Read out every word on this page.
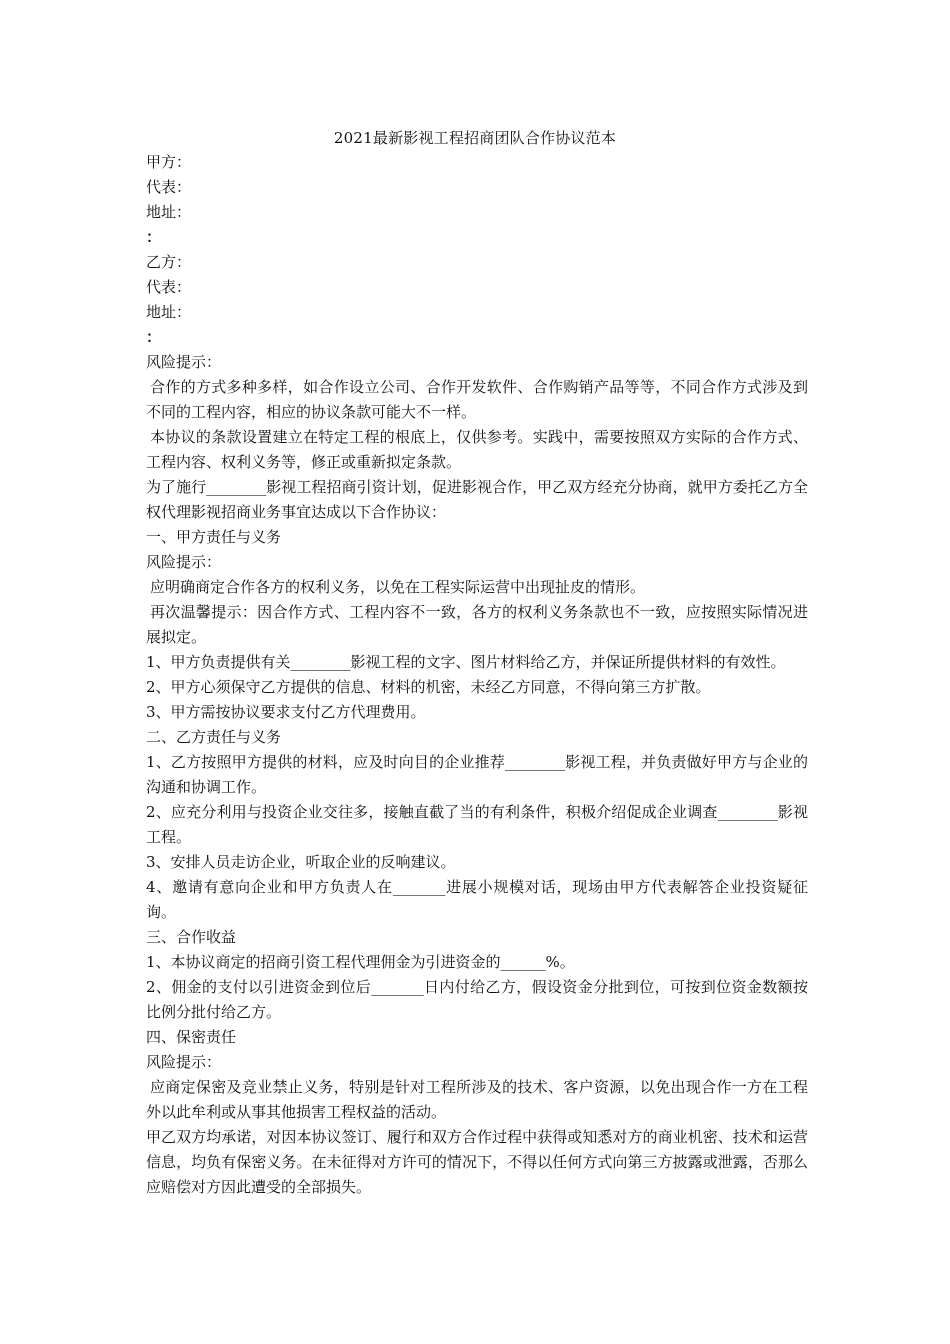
2021最新影视工程招商团队合作协议范本

甲方：

代表：

地址：

：

乙方：

代表：

地址：

：

风险提示：

合作的方式多种多样，如合作设立公司、合作开发软件、合作购销产品等等，不同合作方式涉及到不同的工程内容，相应的协议条款可能大不一样。

本协议的条款设置建立在特定工程的根底上，仅供参考。实践中，需要按照双方实际的合作方式、工程内容、权利义务等，修正或重新拟定条款。

为了施行________影视工程招商引资计划，促进影视合作，甲乙双方经充分协商，就甲方委托乙方全权代理影视招商业务事宜达成以下合作协议：

一、甲方责任与义务

风险提示：

应明确商定合作各方的权利义务，以免在工程实际运营中出现扯皮的情形。

再次温馨提示：因合作方式、工程内容不一致，各方的权利义务条款也不一致，应按照实际情况进展拟定。

1、甲方负责提供有关________影视工程的文字、图片材料给乙方，并保证所提供材料的有效性。

2、甲方心须保守乙方提供的信息、材料的机密，未经乙方同意，不得向第三方扩散。

3、甲方需按协议要求支付乙方代理费用。

二、乙方责任与义务

1、乙方按照甲方提供的材料，应及时向目的企业推荐________影视工程，并负责做好甲方与企业的沟通和协调工作。

2、应充分利用与投资企业交往多，接触直截了当的有利条件，积极介绍促成企业调查________影视工程。

3、安排人员走访企业，听取企业的反响建议。

4、邀请有意向企业和甲方负责人在_______进展小规模对话，现场由甲方代表解答企业投资疑征询。

三、合作收益

1、本协议商定的招商引资工程代理佣金为引进资金的______%。

2、佣金的支付以引进资金到位后_______日内付给乙方，假设资金分批到位，可按到位资金数额按比例分批付给乙方。

四、保密责任

风险提示：

应商定保密及竞业禁止义务，特别是针对工程所涉及的技术、客户资源，以免出现合作一方在工程外以此牟利或从事其他损害工程权益的活动。

甲乙双方均承诺，对因本协议签订、履行和双方合作过程中获得或知悉对方的商业机密、技术和运营信息，均负有保密义务。在未征得对方许可的情况下，不得以任何方式向第三方披露或泄露，否那么应赔偿对方因此遭受的全部损失。
